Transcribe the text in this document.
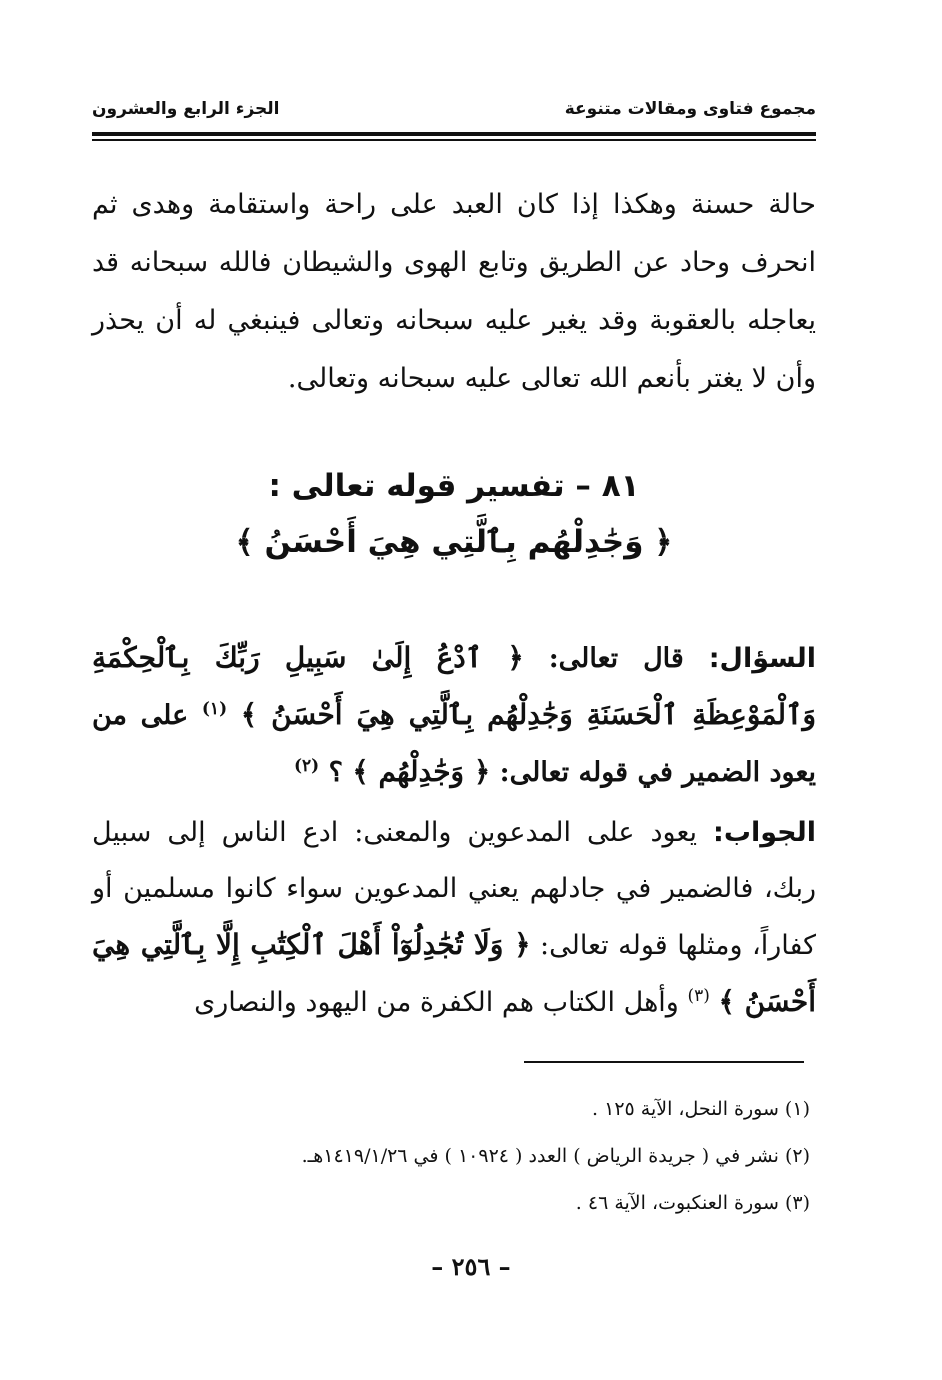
مجموع فتاوى ومقالات متنوعة
الجزء الرابع والعشرون
حالة حسنة وهكذا إذا كان العبد على راحة واستقامة وهدى ثم انحرف وحاد عن الطريق وتابع الهوى والشيطان فالله سبحانه قد يعاجله بالعقوبة وقد يغير عليه سبحانه وتعالى فينبغي له أن يحذر وأن لا يغتر بأنعم الله تعالى عليه سبحانه وتعالى.
٨١ – تفسير قوله تعالى :
﴿ وَجَٰدِلْهُم بِٱلَّتِي هِيَ أَحْسَنُ ﴾

السؤال: قال تعالى: ﴿ ٱدْعُ إِلَىٰ سَبِيلِ رَبِّكَ بِٱلْحِكْمَةِ وَٱلْمَوْعِظَةِ ٱلْحَسَنَةِ وَجَٰدِلْهُم بِٱلَّتِي هِيَ أَحْسَنُ ﴾ $^{(١)}$ على من يعود الضمير في قوله تعالى: ﴿ وَجَٰدِلْهُم ﴾ ؟ $^{(٢)}$

الجواب: يعود على المدعوين والمعنى: ادع الناس إلى سبيل ربك، فالضمير في جادلهم يعني المدعوين سواء كانوا مسلمين أو كفاراً، ومثلها قوله تعالى: ﴿ وَلَا تُجَٰدِلُوٓاْ أَهْلَ ٱلْكِتَٰبِ إِلَّا بِٱلَّتِي هِيَ أَحْسَنُ ﴾ $^{(٣)}$ وأهل الكتاب هم الكفرة من اليهود والنصارى

(١) سورة النحل، الآية ١٢٥ .
(٢) نشر في ( جريدة الرياض ) العدد ( ١٠٩٢٤ ) في ١٤١٩/١/٢٦هـ.
(٣) سورة العنكبوت، الآية ٤٦ .
– ٢٥٦ –
